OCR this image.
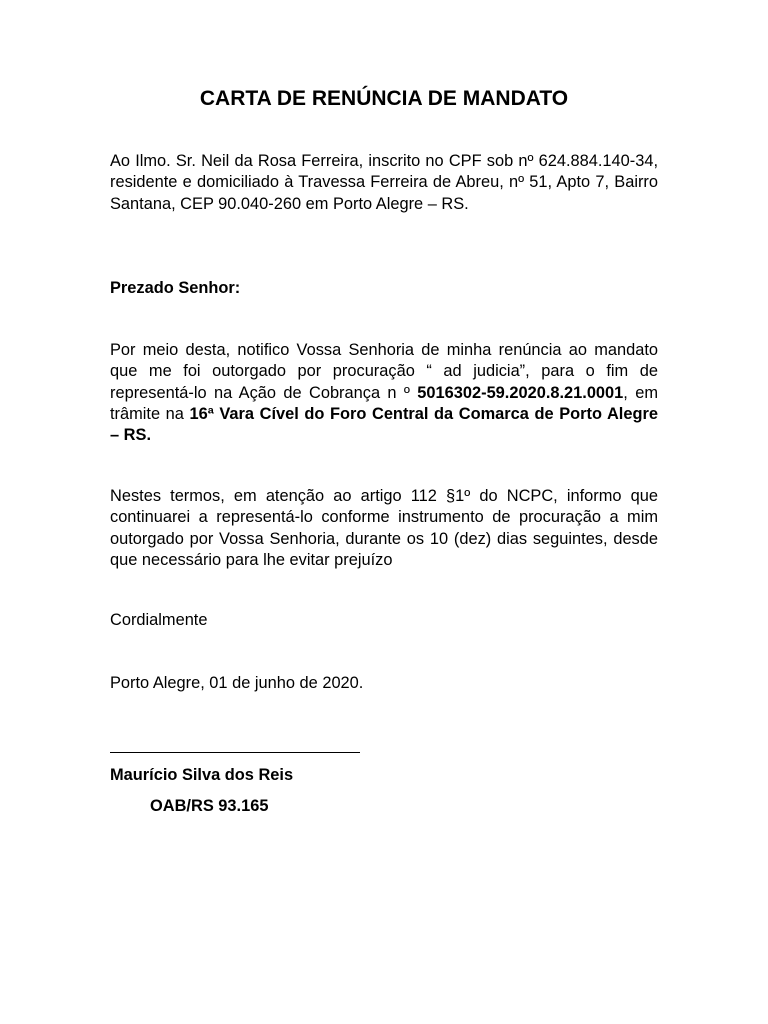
CARTA DE RENÚNCIA DE MANDATO

Ao Ilmo. Sr. Neil da Rosa Ferreira, inscrito no CPF sob nº 624.884.140-34, residente e domiciliado à Travessa Ferreira de Abreu, nº 51, Apto 7, Bairro Santana, CEP 90.040-260 em Porto Alegre – RS.

Prezado Senhor:

Por meio desta, notifico Vossa Senhoria de minha renúncia ao mandato que me foi outorgado por procuração “ ad judicia”, para o fim de representá-lo na Ação de Cobrança n º 5016302-59.2020.8.21.0001, em trâmite na 16ª Vara Cível do Foro Central da Comarca de Porto Alegre – RS.

Nestes termos, em atenção ao artigo 112 §1º do NCPC, informo que continuarei a representá-lo conforme instrumento de procuração a mim outorgado por Vossa Senhoria, durante os 10 (dez) dias seguintes, desde que necessário para lhe evitar prejuízo

Cordialmente

Porto Alegre, 01 de junho de 2020.

Maurício Silva dos Reis
OAB/RS 93.165
